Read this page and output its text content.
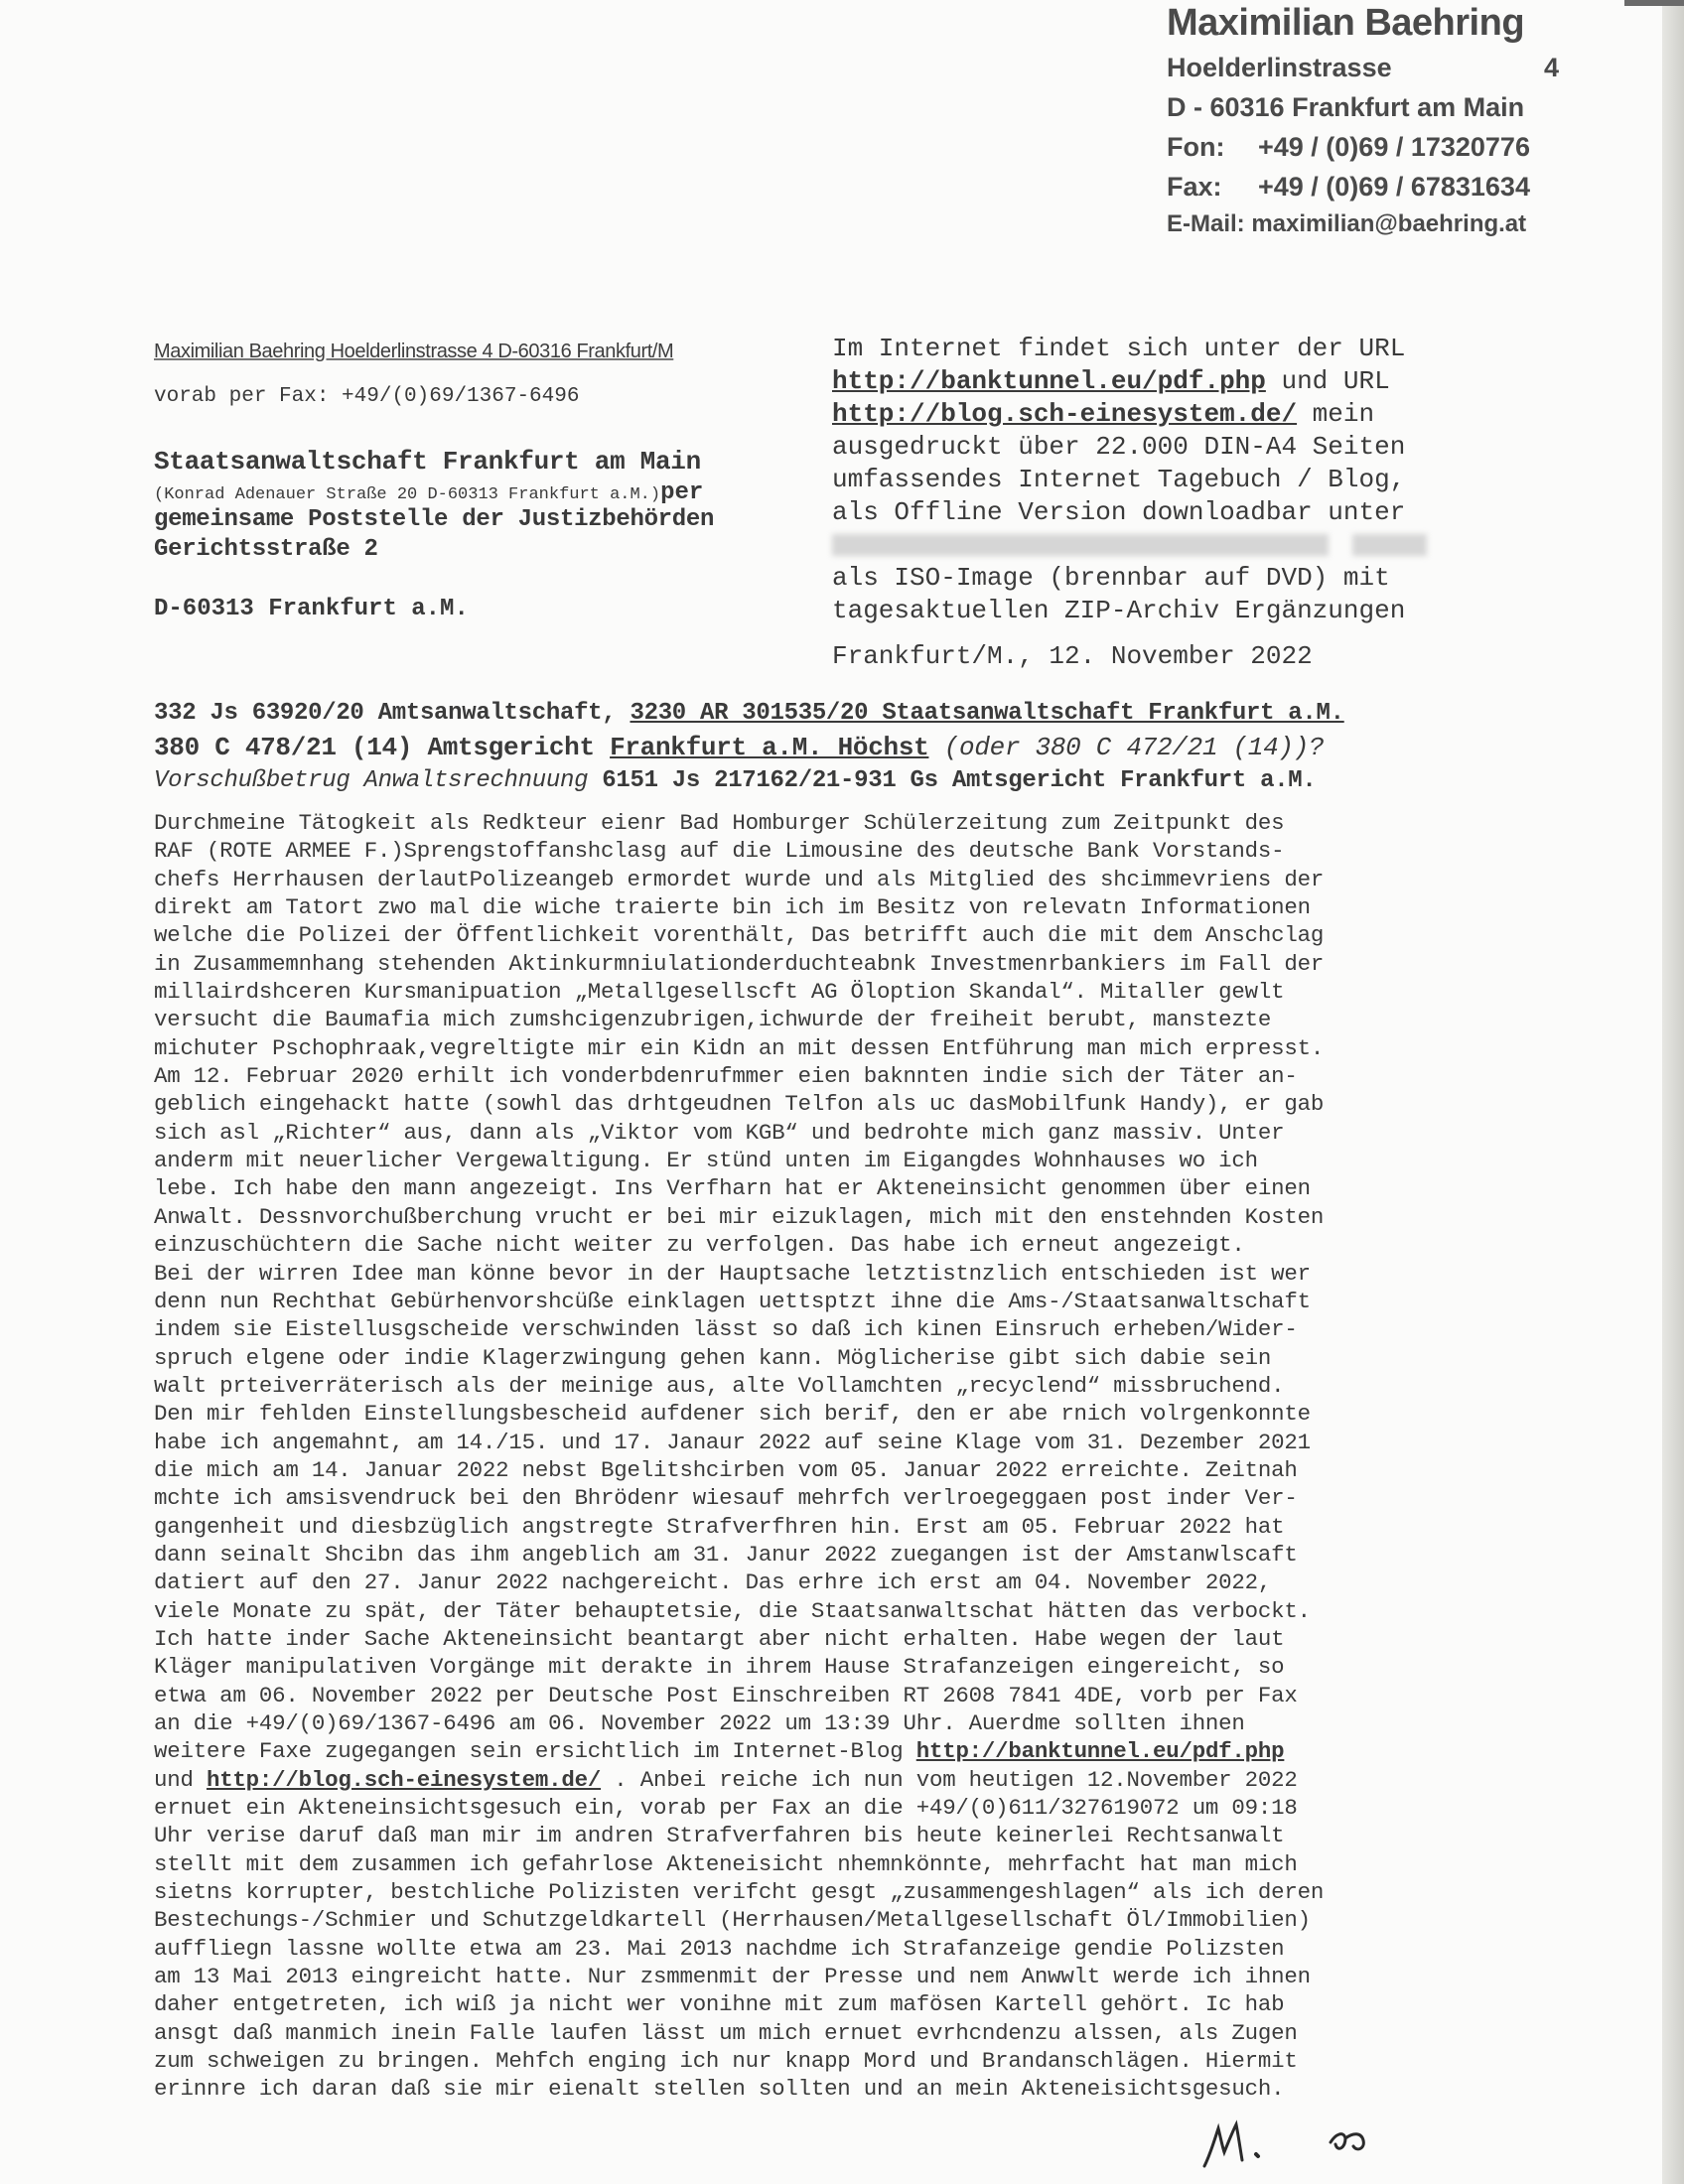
Maximilian Baehring
Hoelderlinstrasse	4
D - 60316 Frankfurt am Main
Fon: +49 / (0)69 / 17320776
Fax: +49 / (0)69 / 67831634
E-Mail: maximilian@baehring.at
Maximilian Baehring Hoelderlinstrasse 4 D-60316 Frankfurt/M
vorab per Fax: +49/(0)69/1367-6496
Staatsanwaltschaft Frankfurt am Main
(Konrad Adenauer Straße 20 D-60313 Frankfurt a.M.)per
gemeinsame Poststelle der Justizbehörden
Gerichtsstraße 2
D-60313 Frankfurt a.M.
Im Internet findet sich unter der URL
http://banktunnel.eu/pdf.php und URL
http://blog.sch-einesystem.de/ mein
ausgedruckt über 22.000 DIN-A4 Seiten
umfassendes Internet Tagebuch / Blog,
als Offline Version downloadbar unter

als ISO-Image (brennbar auf DVD) mit
tagesaktuellen ZIP-Archiv Ergänzungen
Frankfurt/M., 12. November 2022
332 Js 63920/20 Amtsanwaltschaft, 3230 AR 301535/20 Staatsanwaltschaft Frankfurt a.M.
380 C 478/21 (14) Amtsgericht Frankfurt a.M. Höchst (oder 380 C 472/21 (14))?
Vorschußbetrug Anwaltsrechnuung 6151 Js 217162/21-931 Gs Amtsgericht Frankfurt a.M.
Durchmeine Tätogkeit als Redkteur eienr Bad Homburger Schülerzeitung zum Zeitpunkt des
RAF (ROTE ARMEE F.)Sprengstoffanshclasg auf die Limousine des deutsche Bank Vorstands-
chefs Herrhausen derlautPolizeangeb ermordet wurde und als Mitglied des shcimmevriens der
direkt am Tatort zwo mal die wiche traierte bin ich im Besitz von relevatn Informationen
welche die Polizei der Öffentlichkeit vorenthält, Das betrifft auch die mit dem Anschclag
in Zusammemnhang stehenden Aktinkurmniulationderduchteabnk Investmenrbankiers im Fall der
millairdshceren Kursmanipuation „Metallgesellscft AG Öloption Skandal“. Mitaller gewlt
versucht die Baumafia mich zumshcigenzubrigen,ichwurde der freiheit berubt, manstezte
michuter Pschophraak,vegreltigte mir ein Kidn an mit dessen Entführung man mich erpresst.
Am 12. Februar 2020 erhilt ich vonderbdenrufmmer eien baknnten indie sich der Täter an-
geblich eingehackt hatte (sowhl das drhtgeudnen Telfon als uc dasMobilfunk Handy), er gab
sich asl „Richter“ aus, dann als „Viktor vom KGB“ und bedrohte mich ganz massiv. Unter
anderm mit neuerlicher Vergewaltigung. Er stünd unten im Eigangdes Wohnhauses wo ich
lebe. Ich habe den mann angezeigt. Ins Verfharn hat er Akteneinsicht genommen über einen
Anwalt. Dessnvorchußberchung vrucht er bei mir eizuklagen, mich mit den enstehnden Kosten
einzuschüchtern die Sache nicht weiter zu verfolgen. Das habe ich erneut angezeigt.
Bei der wirren Idee man könne bevor in der Hauptsache letztistnzlich entschieden ist wer
denn nun Rechthat Gebürhenvorshcüße einklagen uettsptzt ihne die Ams-/Staatsanwaltschaft
indem sie Eistellusgscheide verschwinden lässt so daß ich kinen Einsruch erheben/Wider-
spruch elgene oder indie Klagerzwingung gehen kann. Möglicherise gibt sich dabie sein
walt prteiverräterisch als der meinige aus, alte Vollamchten „recyclend“ missbruchend.
Den mir fehlden Einstellungsbescheid aufdener sich berif, den er abe rnich volrgenkonnte
habe ich angemahnt, am 14./15. und 17. Janaur 2022 auf seine Klage vom 31. Dezember 2021
die mich am 14. Januar 2022 nebst Bgelitshcirben vom 05. Januar 2022 erreichte. Zeitnah
mchte ich amsisvendruck bei den Bhrödenr wiesauf mehrfch verlroegeggaen post inder Ver-
gangenheit und diesbzüglich angstregte Strafverfhren hin. Erst am 05. Februar 2022 hat
dann seinalt Shcibn das ihm angeblich am 31. Janur 2022 zuegangen ist der Amstanwlscaft
datiert auf den 27. Janur 2022 nachgereicht. Das erhre ich erst am 04. November 2022,
viele Monate zu spät, der Täter behauptetsie, die Staatsanwaltschat hätten das verbockt.
Ich hatte inder Sache Akteneinsicht beantargt aber nicht erhalten. Habe wegen der laut
Kläger manipulativen Vorgänge mit derakte in ihrem Hause Strafanzeigen eingereicht, so
etwa am 06. November 2022 per Deutsche Post Einschreiben RT 2608 7841 4DE, vorb per Fax
an die +49/(0)69/1367-6496 am 06. November 2022 um 13:39 Uhr. Auerdme sollten ihnen
weitere Faxe zugegangen sein ersichtlich im Internet-Blog http://banktunnel.eu/pdf.php
und http://blog.sch-einesystem.de/ . Anbei reiche ich nun vom heutigen 12.November 2022
ernuet ein Akteneinsichtsgesuch ein, vorab per Fax an die +49/(0)611/327619072 um 09:18
Uhr verise daruf daß man mir im andren Strafverfahren bis heute keinerlei Rechtsanwalt
stellt mit dem zusammen ich gefahrlose Akteneisicht nhemnkönnte, mehrfacht hat man mich
sietns korrupter, bestchliche Polizisten verifcht gesgt „zusammengeshlagen“ als ich deren
Bestechungs-/Schmier und Schutzgeldkartell (Herrhausen/Metallgesellschaft Öl/Immobilien)
auffliegn lassne wollte etwa am 23. Mai 2013 nachdme ich Strafanzeige gendie Polizsten
am 13 Mai 2013 eingreicht hatte. Nur zsmmenmit der Presse und nem Anwwlt werde ich ihnen
daher entgetreten, ich wiß ja nicht wer vonihne mit zum mafösen Kartell gehört. Ic hab
ansgt daß manmich inein Falle laufen lässt um mich ernuet evrhcndenzu alssen, als Zugen
zum schweigen zu bringen. Mehfch enging ich nur knapp Mord und Brandanschlägen. Hiermit
erinnre ich daran daß sie mir eienalt stellen sollten und an mein Akteneisichtsgesuch.
